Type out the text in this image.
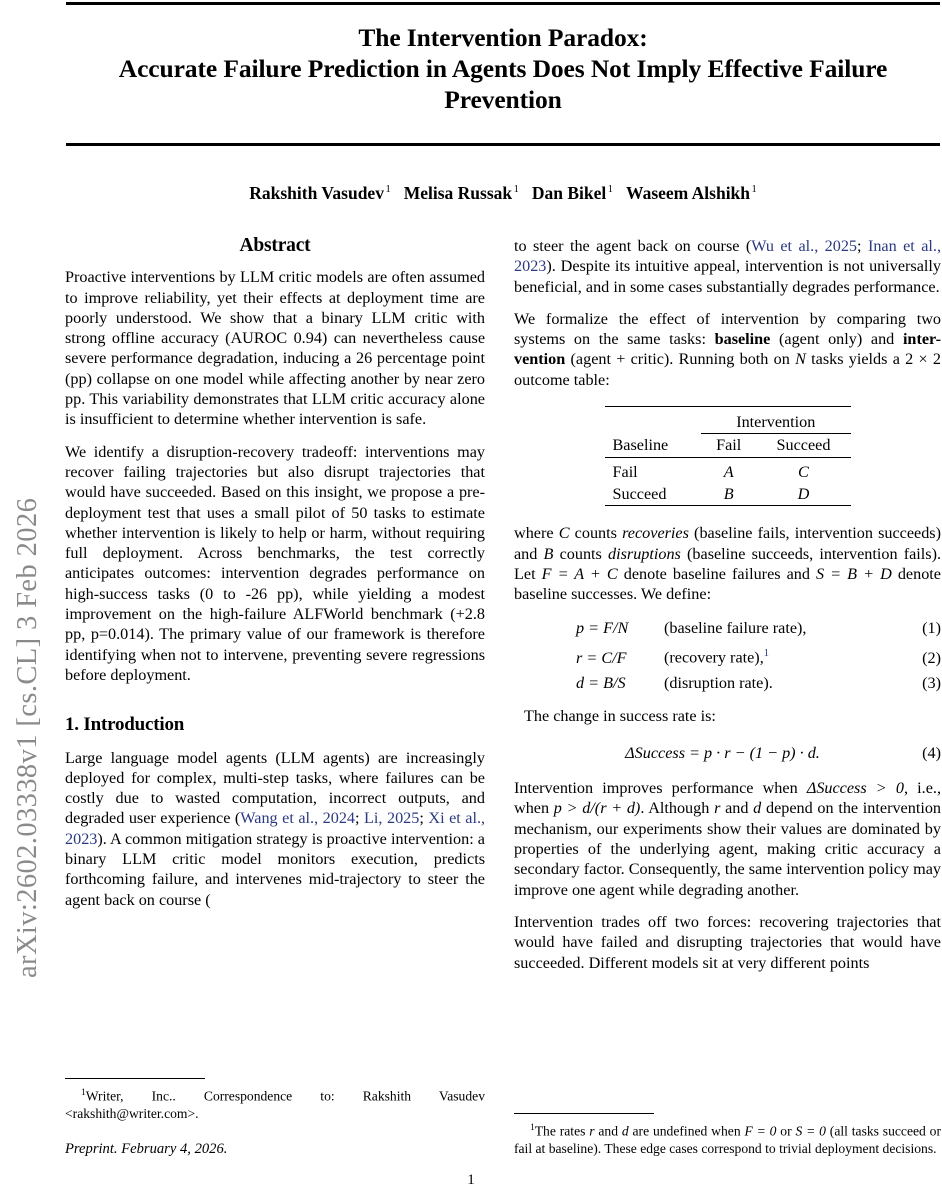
arXiv:2602.03338v1 [cs.CL] 3 Feb 2026
The Intervention Paradox:
Accurate Failure Prediction in Agents Does Not Imply Effective Failure
Prevention
Rakshith Vasudev $^1$ Melisa Russak $^1$ Dan Bikel $^1$ Waseem Alshikh $^1$
Abstract

Proactive interventions by LLM critic models are often assumed to improve reliability, yet their effects at deployment time are poorly understood. We show that a binary LLM critic with strong offline accuracy (AUROC 0.94) can nevertheless cause severe performance degradation, inducing a 26 percentage point (pp) collapse on one model while affecting another by near zero pp. This variability demonstrates that LLM critic accuracy alone is insufficient to determine whether intervention is safe.

We identify a disruption-recovery tradeoff: interventions may recover failing trajectories but also disrupt trajectories that would have succeeded. Based on this insight, we propose a pre-deployment test that uses a small pilot of 50 tasks to estimate whether intervention is likely to help or harm, without requiring full deployment. Across benchmarks, the test correctly anticipates outcomes: intervention degrades performance on high-success tasks (0 to -26 pp), while yielding a modest improvement on the high-failure ALFWorld benchmark (+2.8 pp, p=0.014). The primary value of our framework is therefore identifying when not to intervene, preventing severe regressions before deployment.

1. Introduction

Large language model agents (LLM agents) are increasingly deployed for complex, multi-step tasks, where failures can be costly due to wasted computation, incorrect outputs, and degraded user experience (Wang et al., 2024; Li, 2025; Xi et al., 2023). A common mitigation strategy is proactive intervention: a binary LLM critic model monitors execution, predicts forthcoming failure, and intervenes mid-trajectory to steer the agent back on course (

to steer the agent back on course (Wu et al., 2025; Inan et al., 2023). Despite its intuitive appeal, intervention is not universally beneficial, and in some cases substantially degrades performance.

We formalize the effect of intervention by comparing two systems on the same tasks: baseline (agent only) and inter-vention (agent + critic). Running both on N tasks yields a 2 × 2 outcome table:

	Intervention	
Baseline	Fail	Succeed

Fail	A	C
Succeed	B	D

where C counts recoveries (baseline fails, intervention succeeds) and B counts disruptions (baseline succeeds, intervention fails). Let F = A + C denote baseline failures and S = B + D denote baseline successes. We define:

p = F/N	(baseline failure rate),	(1)
r = C/F	(recovery rate),$^1$	(2)
d = B/S	(disruption rate).	(3)

The change in success rate is:

ΔSuccess = p · r − (1 − p) · d.	(4)

Intervention improves performance when ΔSuccess > 0, i.e., when p > d/(r + d). Although r and d depend on the intervention mechanism, our experiments show their values are dominated by properties of the underlying agent, making critic accuracy a secondary factor. Consequently, the same intervention policy may improve one agent while degrading another.

Intervention trades off two forces: recovering trajectories that would have failed and disrupting trajectories that would have succeeded. Different models sit at very different points

$^1$Writer, Inc.. Correspondence to: Rakshith Vasudev <rakshith@writer.com>.

Preprint. February 4, 2026.

$^1$The rates r and d are undefined when F = 0 or S = 0 (all tasks succeed or fail at baseline). These edge cases correspond to trivial deployment decisions.

1
